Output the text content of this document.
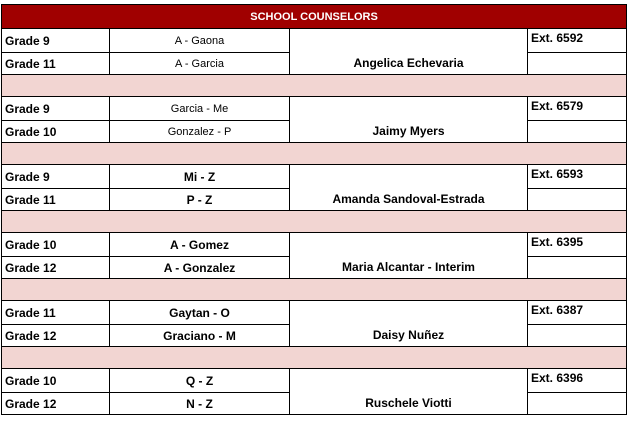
SCHOOL COUNSELORS			
Grade 9	A - Gaona	Angelica Echevaria	Ext. 6592
Grade 11	A - Garcia		

Grade 9	Garcia - Me	Jaimy Myers	Ext. 6579
Grade 10	Gonzalez - P		

Grade 9	Mi - Z	Amanda Sandoval-Estrada	Ext. 6593
Grade 11	P - Z		

Grade 10	A - Gomez	Maria Alcantar - Interim	Ext. 6395
Grade 12	A - Gonzalez		

Grade 11	Gaytan - O	Daisy Nuñez	Ext. 6387
Grade 12	Graciano - M		

Grade 10	Q - Z	Ruschele Viotti	Ext. 6396
Grade 12	N - Z		
